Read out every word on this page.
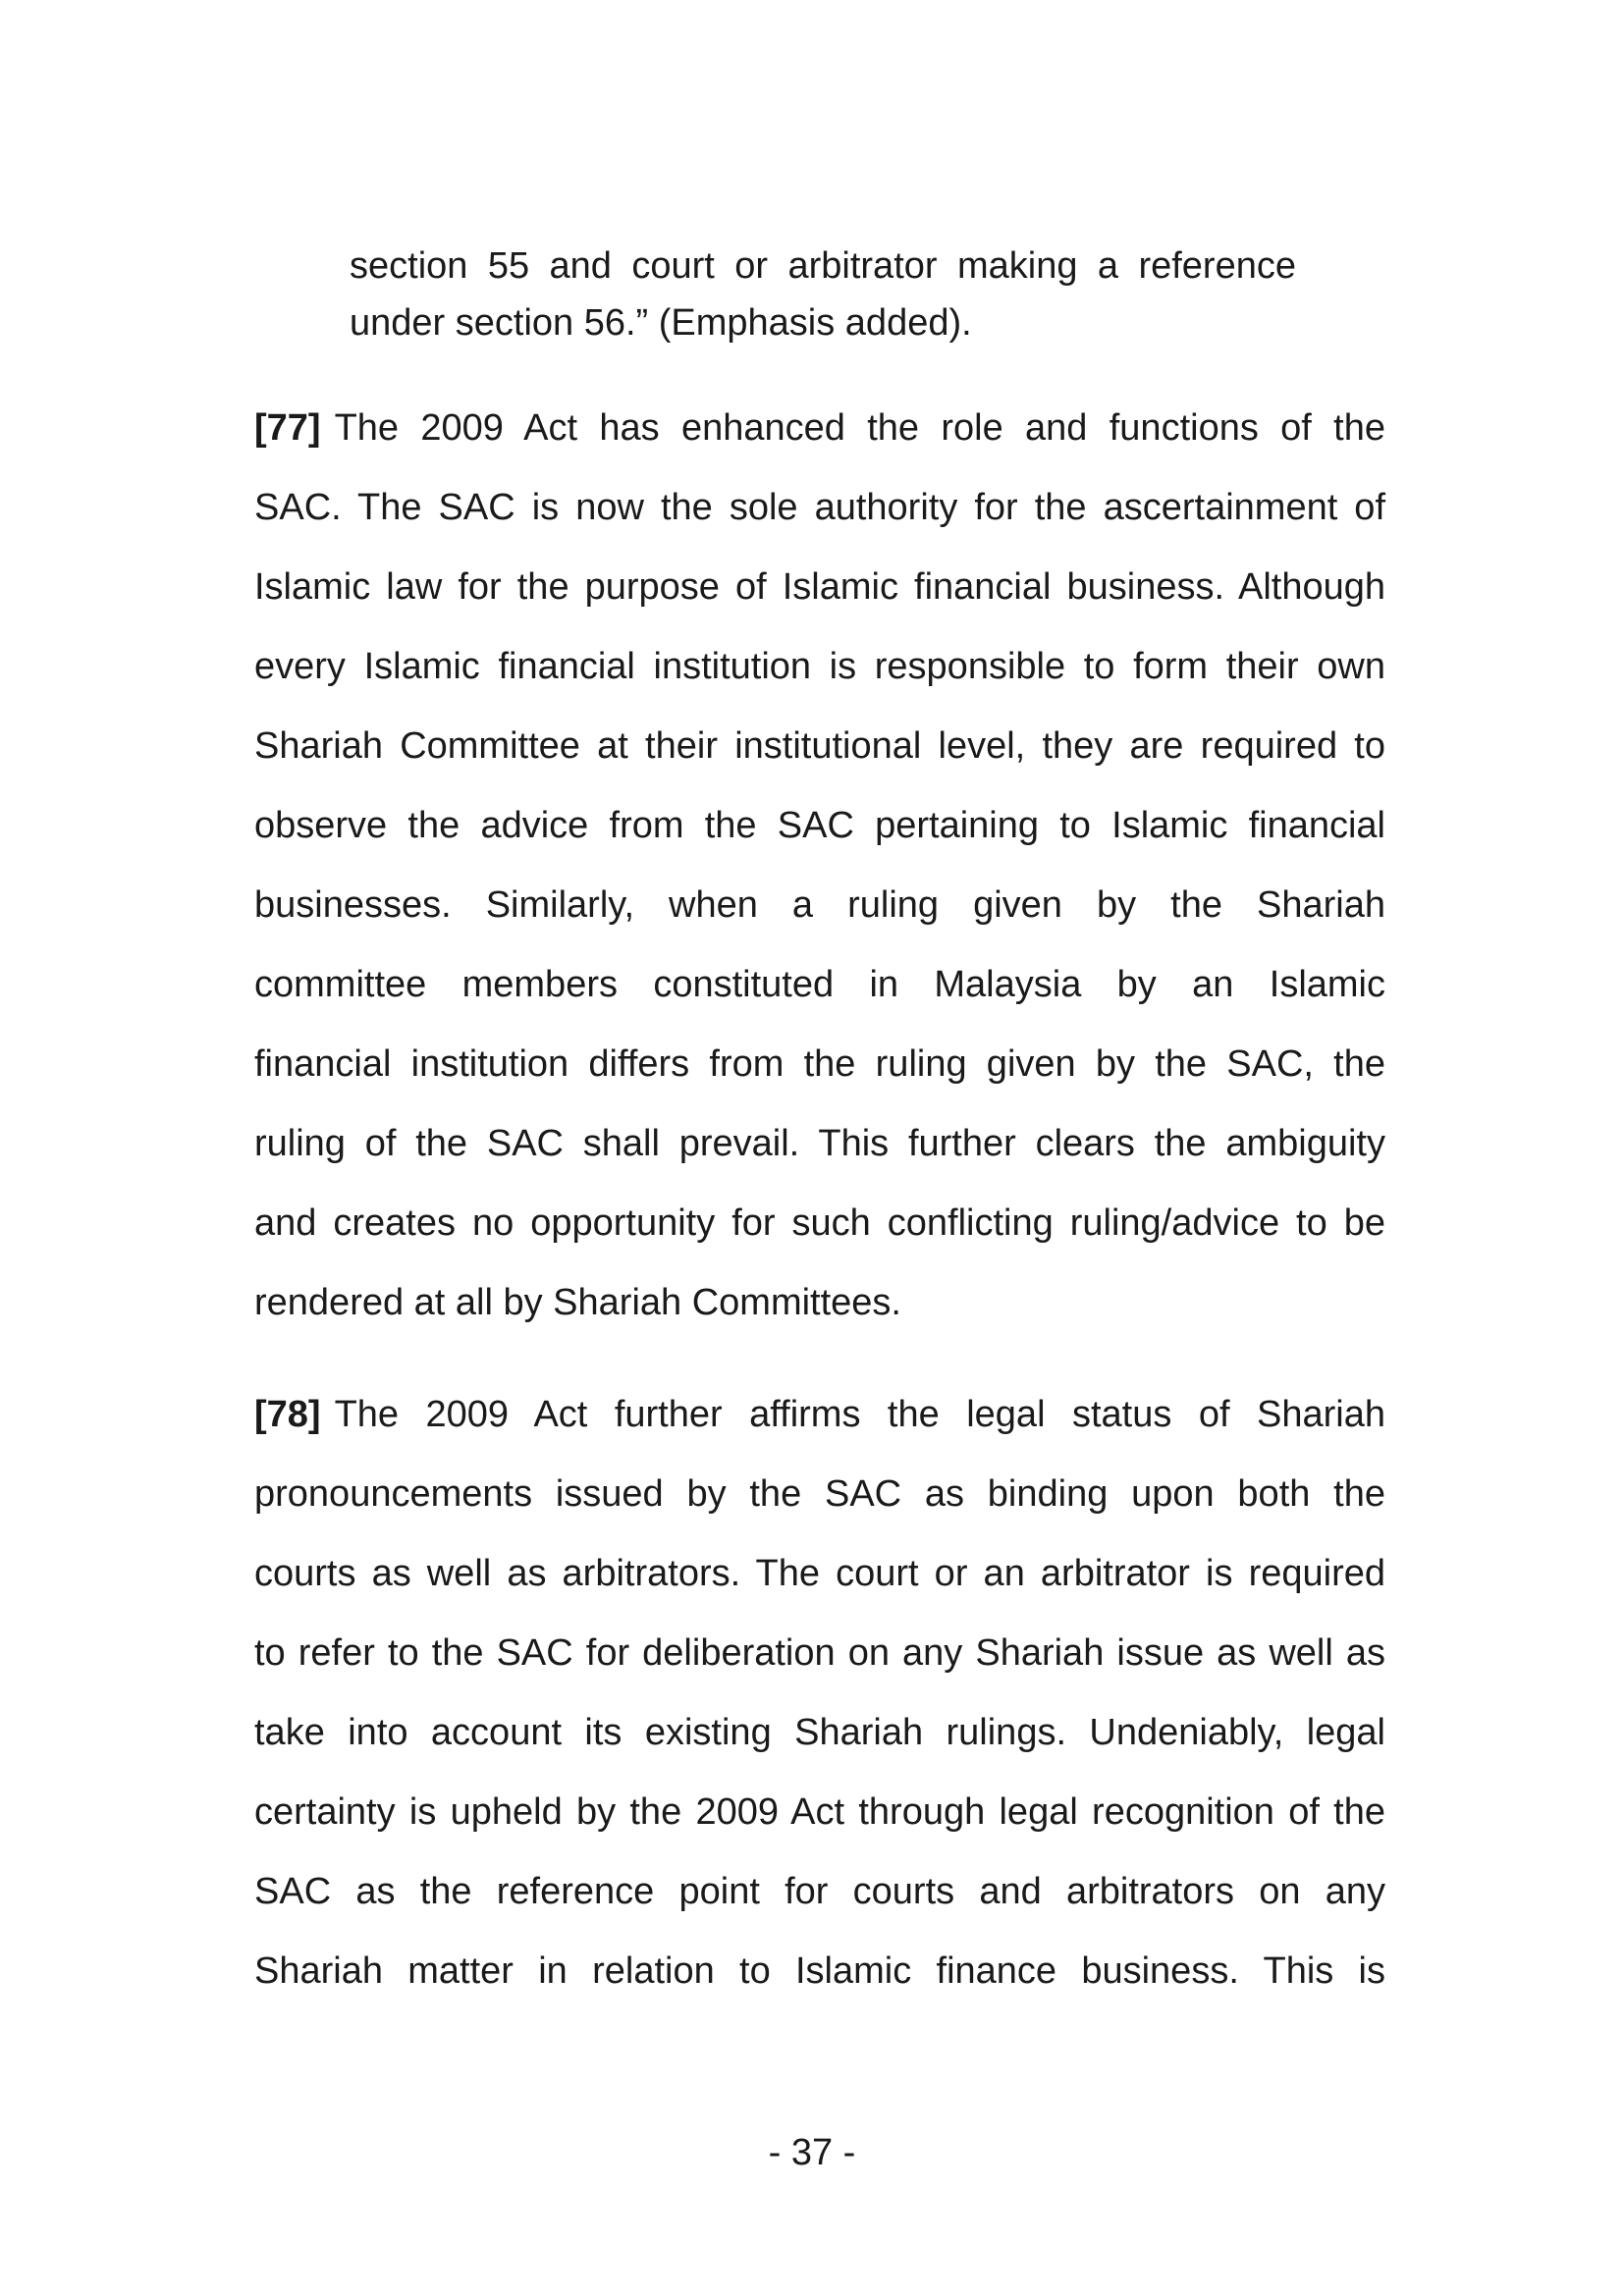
section 55 and court or arbitrator making a reference
under section 56.” (Emphasis added).
[77] The 2009 Act has enhanced the role and functions of the
SAC. The SAC is now the sole authority for the ascertainment of
Islamic law for the purpose of Islamic financial business. Although
every Islamic financial institution is responsible to form their own
Shariah Committee at their institutional level, they are required to
observe the advice from the SAC pertaining to Islamic financial
businesses. Similarly, when a ruling given by the Shariah
committee members constituted in Malaysia by an Islamic
financial institution differs from the ruling given by the SAC, the
ruling of the SAC shall prevail. This further clears the ambiguity
and creates no opportunity for such conflicting ruling/advice to be
rendered at all by Shariah Committees.
[78] The 2009 Act further affirms the legal status of Shariah
pronouncements issued by the SAC as binding upon both the
courts as well as arbitrators. The court or an arbitrator is required
to refer to the SAC for deliberation on any Shariah issue as well as
take into account its existing Shariah rulings. Undeniably, legal
certainty is upheld by the 2009 Act through legal recognition of the
SAC as the reference point for courts and arbitrators on any
Shariah matter in relation to Islamic finance business. This is
- 37 -
